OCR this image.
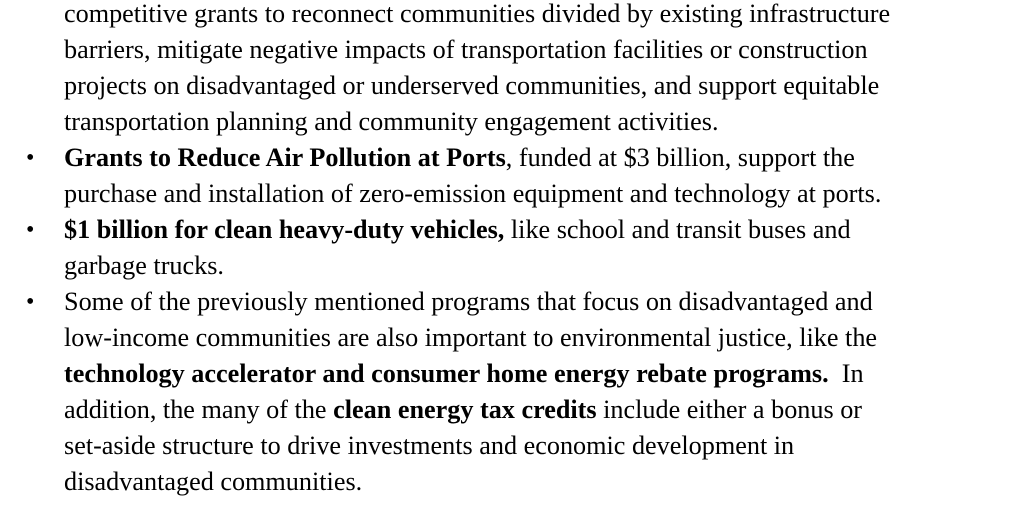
competitive grants to reconnect communities divided by existing infrastructure
barriers, mitigate negative impacts of transportation facilities or construction
projects on disadvantaged or underserved communities, and support equitable
transportation planning and community engagement activities.

• Grants to Reduce Air Pollution at Ports, funded at $3 billion, support the
purchase and installation of zero-emission equipment and technology at ports.
• $1 billion for clean heavy-duty vehicles, like school and transit buses and
garbage trucks.
• Some of the previously mentioned programs that focus on disadvantaged and
low-income communities are also important to environmental justice, like the
technology accelerator and consumer home energy rebate programs.  In
addition, the many of the clean energy tax credits include either a bonus or
set-aside structure to drive investments and economic development in
disadvantaged communities.
